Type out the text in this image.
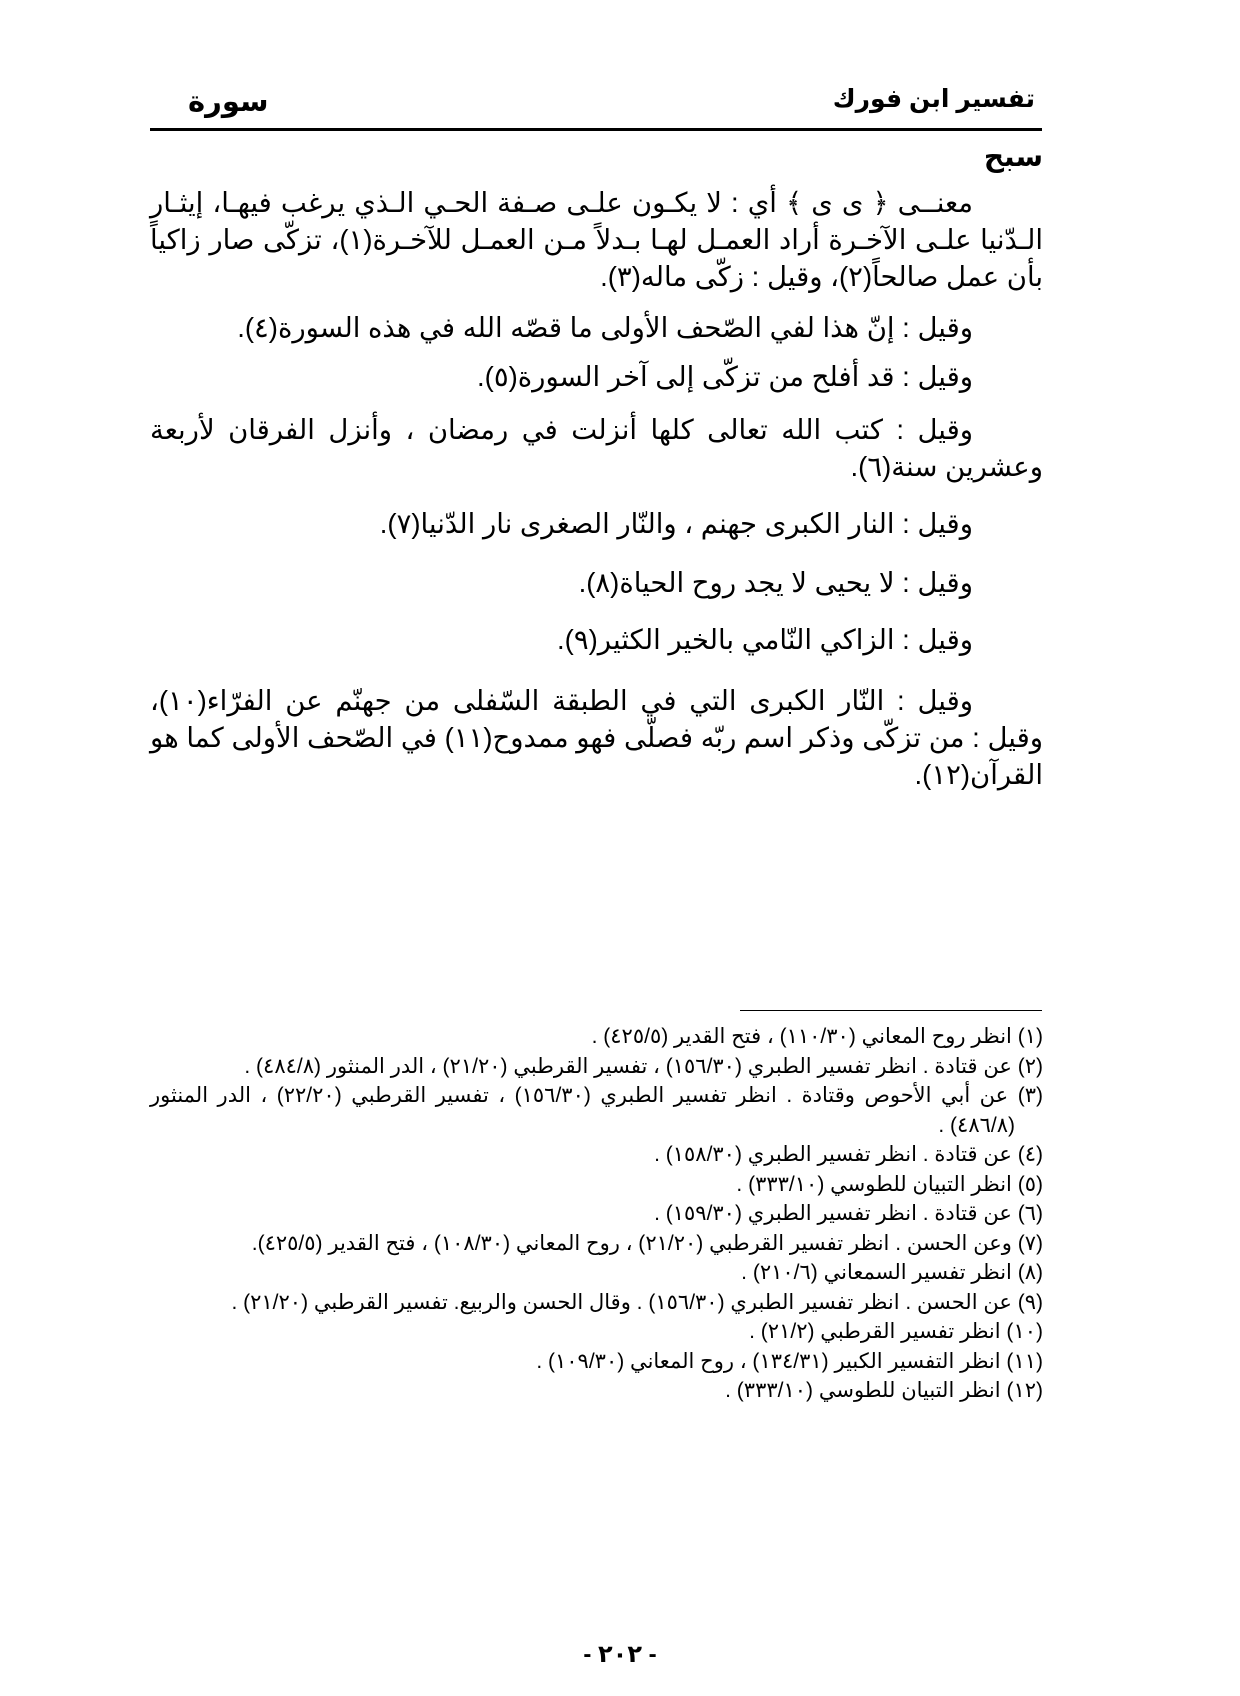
تفسير ابن فورك
سورة
سبح

معنــى ﴿ ى ى ﴾ أي : لا يكـون علـى صـفة الحـي الـذي يرغب فيهـا، إيثـار الـدّنيا علـى الآخـرة أراد العمـل لهـا بـدلاً مـن العمـل للآخـرة(١)، تزكّى صار زاكياً بأن عمل صالحاً(٢)، وقيل : زكّى ماله(٣).

وقيل : إنّ هذا لفي الصّحف الأولى ما قصّه الله في هذه السورة(٤).

وقيل : قد أفلح من تزكّى إلى آخر السورة(٥).

وقيل : كتب الله تعالى كلها أنزلت في رمضان ، وأنزل الفرقان لأربعة وعشرين سنة(٦).

وقيل : النار الكبرى جهنم ، والنّار الصغرى نار الدّنيا(٧).

وقيل : لا يحيى لا يجد روح الحياة(٨).

وقيل : الزاكي النّامي بالخير الكثير(٩).

وقيل : النّار الكبرى التي في الطبقة السّفلى من جهنّم عن الفرّاء(١٠)، وقيل : من تزكّى وذكر اسم ربّه فصلّى فهو ممدوح(١١) في الصّحف الأولى كما هو القرآن(١٢).

(١) انظر روح المعاني (١١٠/٣٠) ، فتح القدير (٤٢٥/٥) .

(٢) عن قتادة . انظر تفسير الطبري (١٥٦/٣٠) ، تفسير القرطبي (٢١/٢٠) ، الدر المنثور (٤٨٤/٨) .

(٣) عن أبي الأحوص وقتادة . انظر تفسير الطبري (١٥٦/٣٠) ، تفسير القرطبي (٢٢/٢٠) ، الدر المنثور (٤٨٦/٨) .

(٤) عن قتادة . انظر تفسير الطبري (١٥٨/٣٠) .

(٥) انظر التبيان للطوسي (٣٣٣/١٠) .

(٦) عن قتادة . انظر تفسير الطبري (١٥٩/٣٠) .

(٧) وعن الحسن . انظر تفسير القرطبي (٢١/٢٠) ، روح المعاني (١٠٨/٣٠) ، فتح القدير (٤٢٥/٥).

(٨) انظر تفسير السمعاني (٢١٠/٦) .

(٩) عن الحسن . انظر تفسير الطبري (١٥٦/٣٠) . وقال الحسن والربيع. تفسير القرطبي (٢١/٢٠) .

(١٠) انظر تفسير القرطبي (٢١/٢) .

(١١) انظر التفسير الكبير (١٣٤/٣١) ، روح المعاني (١٠٩/٣٠) .

(١٢) انظر التبيان للطوسي (٣٣٣/١٠) .

- ٢٠٢ -
